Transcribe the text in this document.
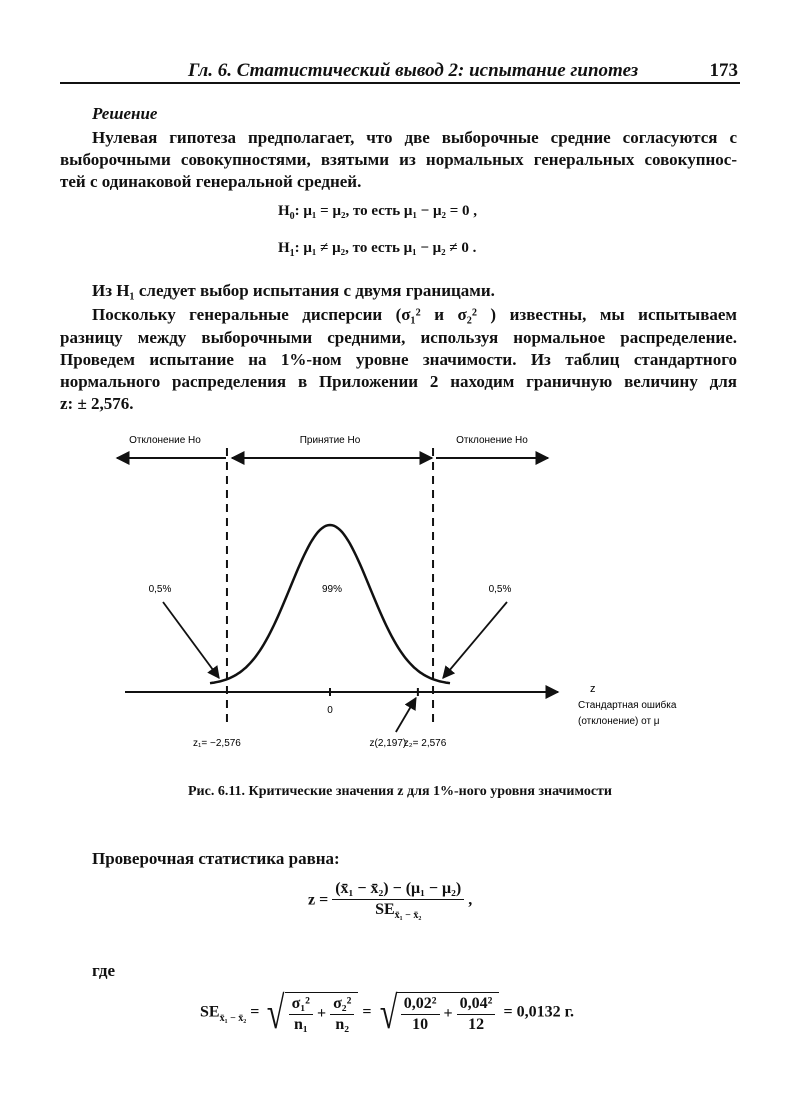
Гл. 6. Статистический вывод 2: испытание гипотез	173
Решение
Нулевая гипотеза предполагает, что две выборочные средние согласуются с
выборочными совокупностями, взятыми из нормальных генеральных совокупнос-
тей с одинаковой генеральной средней.
$H_0$: μ₁ = μ₂, то есть μ₁ − μ₂ = 0 ,
$H_1$: μ₁ ≠ μ₂, то есть μ₁ − μ₂ ≠ 0 .
Из H₁ следует выбор испытания с двумя границами.
Поскольку генеральные дисперсии (σ₁² и σ₂² ) известны, мы испытываем
разницу между выборочными средними, используя нормальное распределение.
Проведем испытание на 1%-ном уровне значимости. Из таблиц стандартного
нормального распределения в Приложении 2 находим граничную величину для
z: ± 2,576.
Отклонение Ho	Принятие Ho	Отклонение Ho
z
Стандартная ошибка
(отклонение) от μ
0
0,5%	99%	0,5%
z₁= −2,576	z(2,197)
z₂= 2,576
Рис. 6.11. Критические значения z для 1%-ного уровня значимости
Проверочная статистика равна:
$z = \frac{\text{(x̄₁ − x̄₂) − (μ₁ − μ₂)}}{SE_{x̄_1 - x̄_2}}$ ,
где
$SE_{x̄_1 - x̄_2}$ = √ $\frac{\text{σ₁²}}{\text{n₁}} + \frac{\text{σ₂²}}{\text{n₂}}$ = √ $\frac{\text{0,02²}}{10} + \frac{\text{0,04²}}{12} = 0,0132$ г.
